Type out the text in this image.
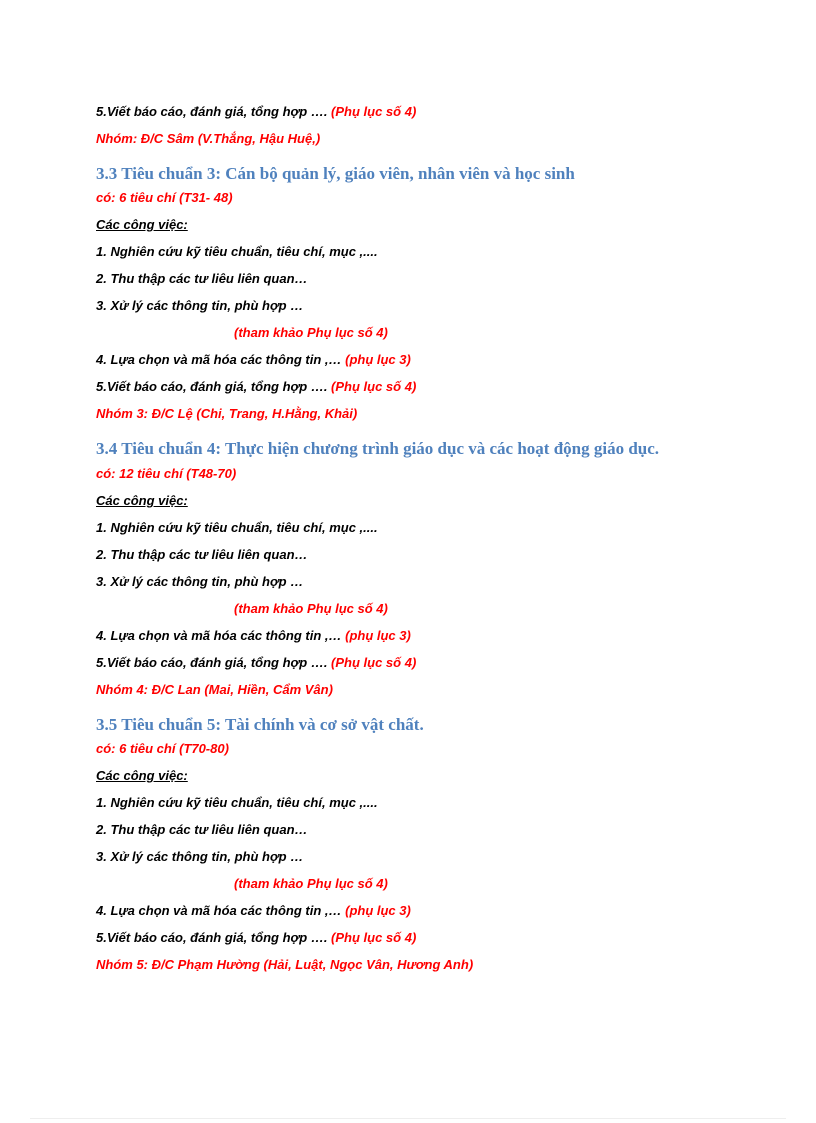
5.Viết báo cáo, đánh giá, tổng hợp …. (Phụ lục số 4)
Nhóm: Đ/C Sâm (V.Thắng, Hậu Huệ,)
3.3 Tiêu chuẩn 3: Cán bộ quản lý, giáo viên, nhân viên và học sinh
có: 6 tiêu chí (T31- 48)
Các công việc:
1. Nghiên cứu kỹ tiêu chuẩn, tiêu chí, mục ,....
2. Thu thập các tư liêu liên quan…
3. Xử lý các thông tin, phù hợp …
(tham khảo Phụ lục số 4)
4. Lựa chọn và mã hóa các thông tin ,… (phụ lục 3)
5.Viết báo cáo, đánh giá, tổng hợp …. (Phụ lục số 4)
Nhóm 3: Đ/C Lệ (Chi, Trang, H.Hằng, Khải)
3.4 Tiêu chuẩn 4: Thực hiện chương trình giáo dục và các hoạt động giáo dục.
có: 12 tiêu chí (T48-70)
Các công việc:
1. Nghiên cứu kỹ tiêu chuẩn, tiêu chí, mục ,....
2. Thu thập các tư liêu liên quan…
3. Xử lý các thông tin, phù hợp …
(tham khảo Phụ lục số 4)
4. Lựa chọn và mã hóa các thông tin ,… (phụ lục 3)
5.Viết báo cáo, đánh giá, tổng hợp …. (Phụ lục số 4)
Nhóm 4: Đ/C Lan (Mai, Hiền, Cẩm Vân)
3.5 Tiêu chuẩn 5: Tài chính và cơ sở vật chất.
có: 6 tiêu chí (T70-80)
Các công việc:
1. Nghiên cứu kỹ tiêu chuẩn, tiêu chí, mục ,....
2. Thu thập các tư liêu liên quan…
3. Xử lý các thông tin, phù hợp …
(tham khảo Phụ lục số 4)
4. Lựa chọn và mã hóa các thông tin ,… (phụ lục 3)
5.Viết báo cáo, đánh giá, tổng hợp …. (Phụ lục số 4)
Nhóm 5: Đ/C Phạm Hường (Hải, Luật, Ngọc Vân, Hương Anh)
